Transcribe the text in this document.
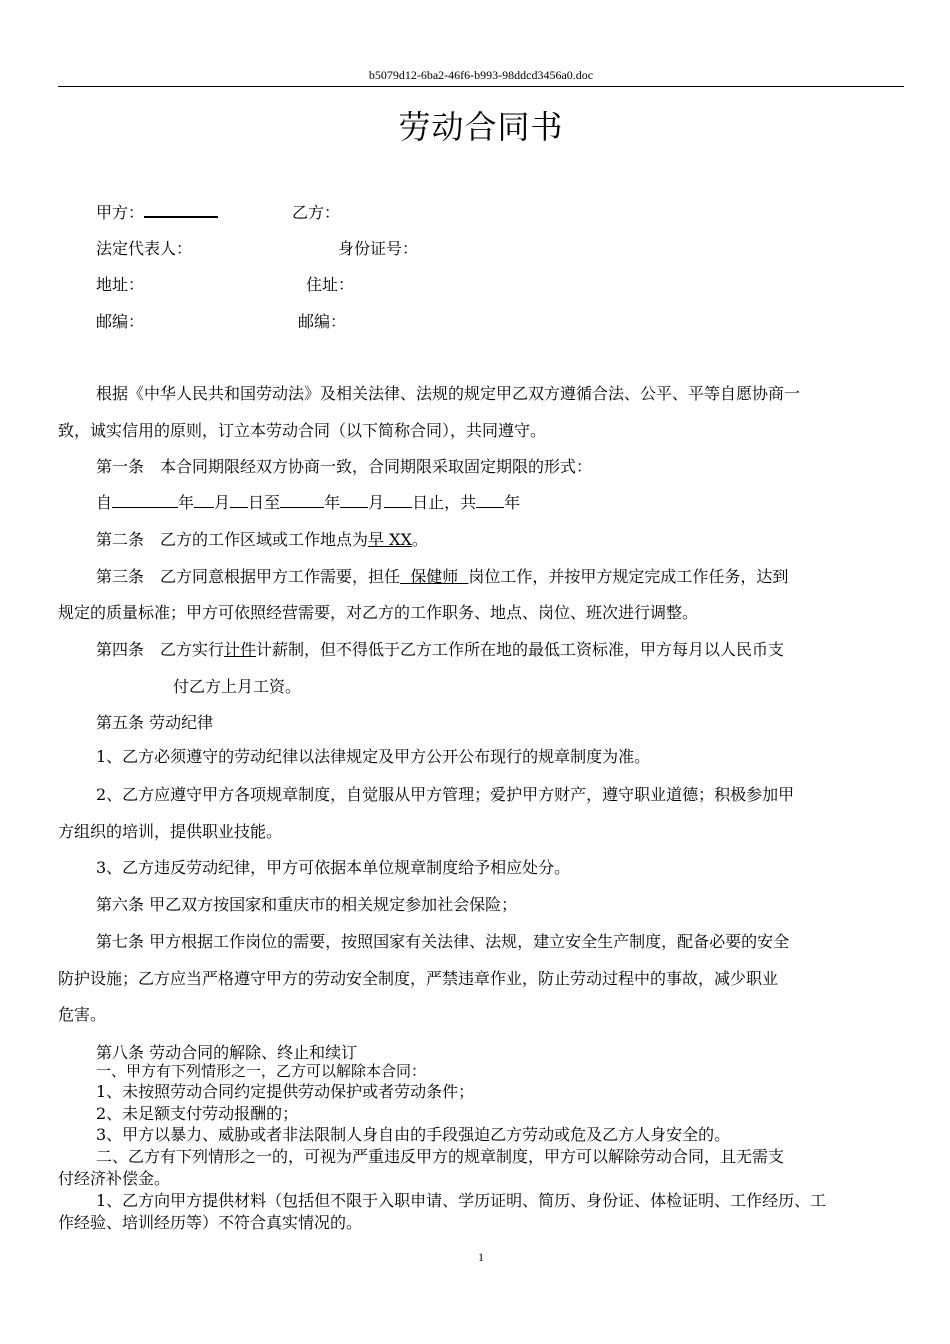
b5079d12-6ba2-46f6-b993-98ddcd3456a0.doc
劳动合同书
甲方：	乙方：
法定代表人：	身份证号：
地址：	住址：
邮编：	邮编：
根据《中华人民共和国劳动法》及相关法律、法规的规定甲乙双方遵循合法、公平、平等自愿协商一
致，诚实信用的原则，订立本劳动合同（以下简称合同），共同遵守。
第一条　本合同期限经双方协商一致，合同期限采取固定期限的形式：
自	年 月 日至	年 月 日止，共 年
第二条　乙方的工作区域或工作地点为早 XX。
第三条　乙方同意根据甲方工作需要，担任  保健师  岗位工作，并按甲方规定完成工作任务，达到
规定的质量标准；甲方可依照经营需要，对乙方的工作职务、地点、岗位、班次进行调整。
第四条　乙方实行计件计薪制，但不得低于乙方工作所在地的最低工资标准，甲方每月以人民币支
付乙方上月工资。
第五条 劳动纪律
1、乙方必须遵守的劳动纪律以法律规定及甲方公开公布现行的规章制度为准。
2、乙方应遵守甲方各项规章制度，自觉服从甲方管理；爱护甲方财产，遵守职业道德；积极参加甲
方组织的培训，提供职业技能。
3、乙方违反劳动纪律，甲方可依据本单位规章制度给予相应处分。
第六条 甲乙双方按国家和重庆市的相关规定参加社会保险；
第七条 甲方根据工作岗位的需要，按照国家有关法律、法规，建立安全生产制度，配备必要的安全
防护设施；乙方应当严格遵守甲方的劳动安全制度，严禁违章作业，防止劳动过程中的事故，减少职业
危害。
第八条 劳动合同的解除、终止和续订
一、甲方有下列情形之一，乙方可以解除本合同：
1、未按照劳动合同约定提供劳动保护或者劳动条件；
2、未足额支付劳动报酬的；
3、甲方以暴力、威胁或者非法限制人身自由的手段强迫乙方劳动或危及乙方人身安全的。
二、乙方有下列情形之一的，可视为严重违反甲方的规章制度，甲方可以解除劳动合同，且无需支
付经济补偿金。
1、乙方向甲方提供材料（包括但不限于入职申请、学历证明、简历、身份证、体检证明、工作经历、工
作经验、培训经历等）不符合真实情况的。
1
